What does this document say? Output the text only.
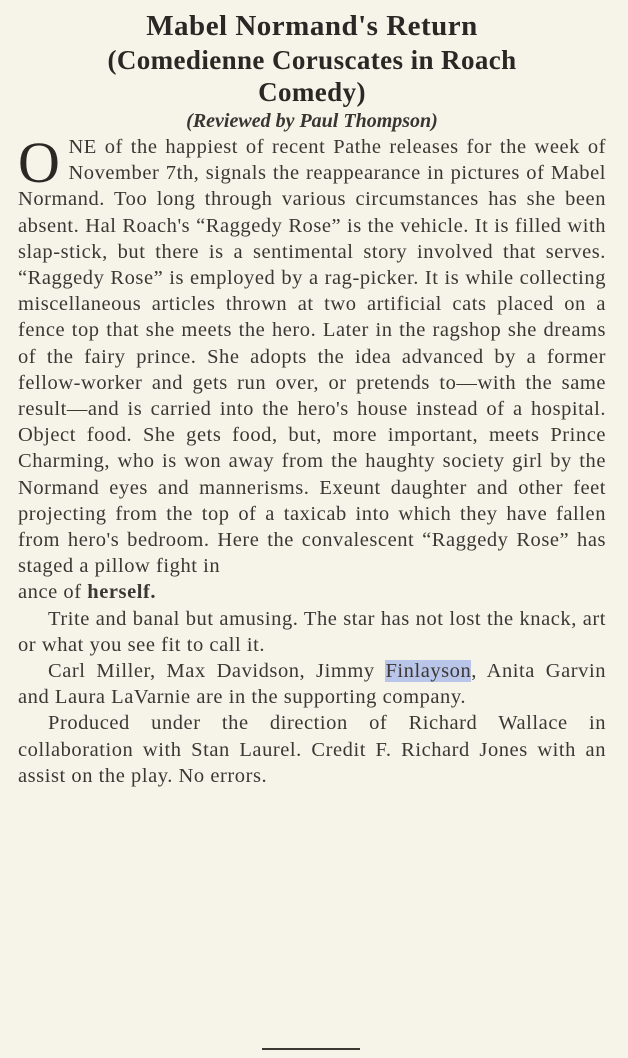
Mabel Normand's Return
(Comedienne Coruscates in Roach
Comedy)

(Reviewed by Paul Thompson)

ONE of the happiest of recent Pathe releases for the week of November 7th, signals the reappearance in pictures of Mabel Normand. Too long through various circumstances has she been absent. Hal Roach's “Raggedy Rose” is the vehicle. It is filled with slap-stick, but there is a sentimental story involved that serves. “Raggedy Rose” is employed by a rag-picker. It is while collecting miscellaneous articles thrown at two artificial cats placed on a fence top that she meets the hero. Later in the ragshop she dreams of the fairy prince. She adopts the idea advanced by a former fellow-worker and gets run over, or pretends to—with the same result—and is carried into the hero's house instead of a hospital. Object food. She gets food, but, more important, meets Prince Charming, who is won away from the haughty society girl by the Normand eyes and mannerisms. Exeunt daughter and other feet projecting from the top of a taxicab into which they have fallen from hero's bedroom. Here the convalescent “Raggedy Rose” has staged a pillow fight in
ance of herself.

Trite and banal but amusing. The star has not lost the knack, art or what you see fit to call it.

Carl Miller, Max Davidson, Jimmy Finlayson, Anita Garvin and Laura LaVarnie are in the supporting company.

Produced under the direction of Richard Wallace in collaboration with Stan Laurel. Credit F. Richard Jones with an assist on the play. No errors.
